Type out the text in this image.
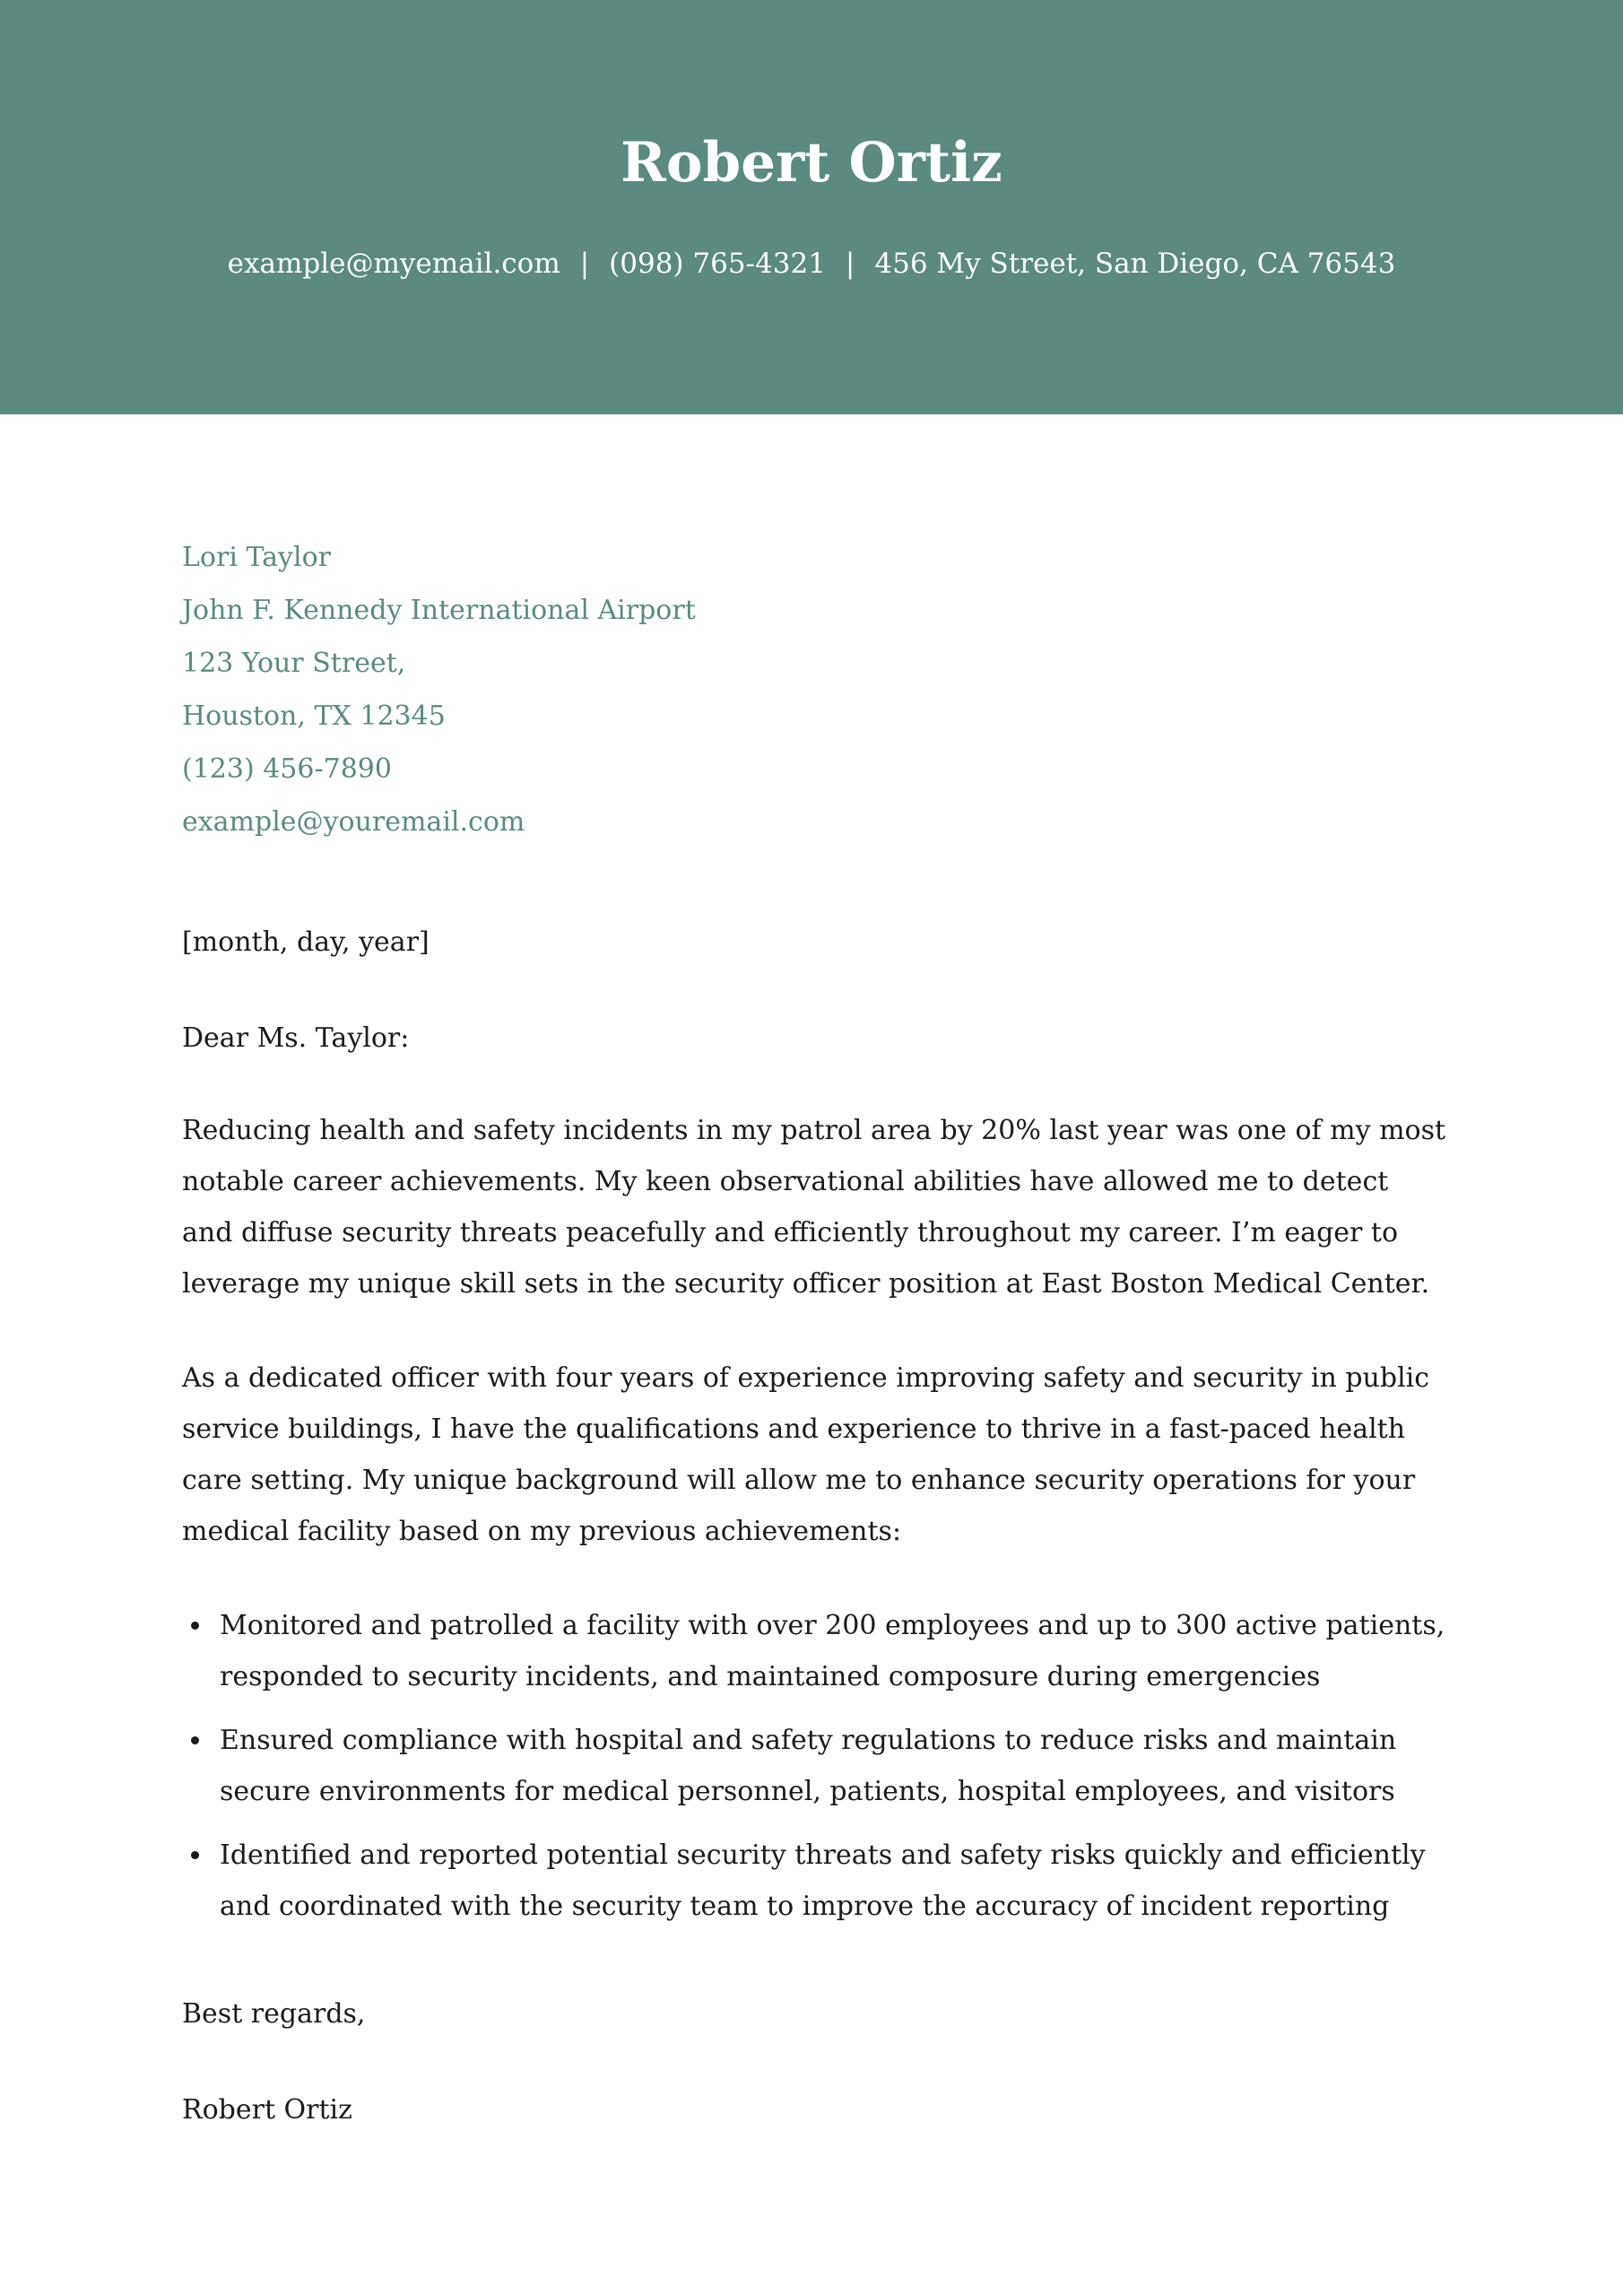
Robert Ortiz
example@myemail.com | (098) 765-4321 | 456 My Street, San Diego, CA 76543
Lori Taylor
John F. Kennedy International Airport
123 Your Street,
Houston, TX 12345
(123) 456-7890
example@youremail.com
[month, day, year]
Dear Ms. Taylor:
Reducing health and safety incidents in my patrol area by 20% last year was one of my most notable career achievements. My keen observational abilities have allowed me to detect and diffuse security threats peacefully and efficiently throughout my career. I’m eager to leverage my unique skill sets in the security officer position at East Boston Medical Center.
As a dedicated officer with four years of experience improving safety and security in public service buildings, I have the qualifications and experience to thrive in a fast-paced health care setting. My unique background will allow me to enhance security operations for your medical facility based on my previous achievements:
Monitored and patrolled a facility with over 200 employees and up to 300 active patients, responded to security incidents, and maintained composure during emergencies
Ensured compliance with hospital and safety regulations to reduce risks and maintain secure environments for medical personnel, patients, hospital employees, and visitors
Identified and reported potential security threats and safety risks quickly and efficiently and coordinated with the security team to improve the accuracy of incident reporting
Best regards,
Robert Ortiz
